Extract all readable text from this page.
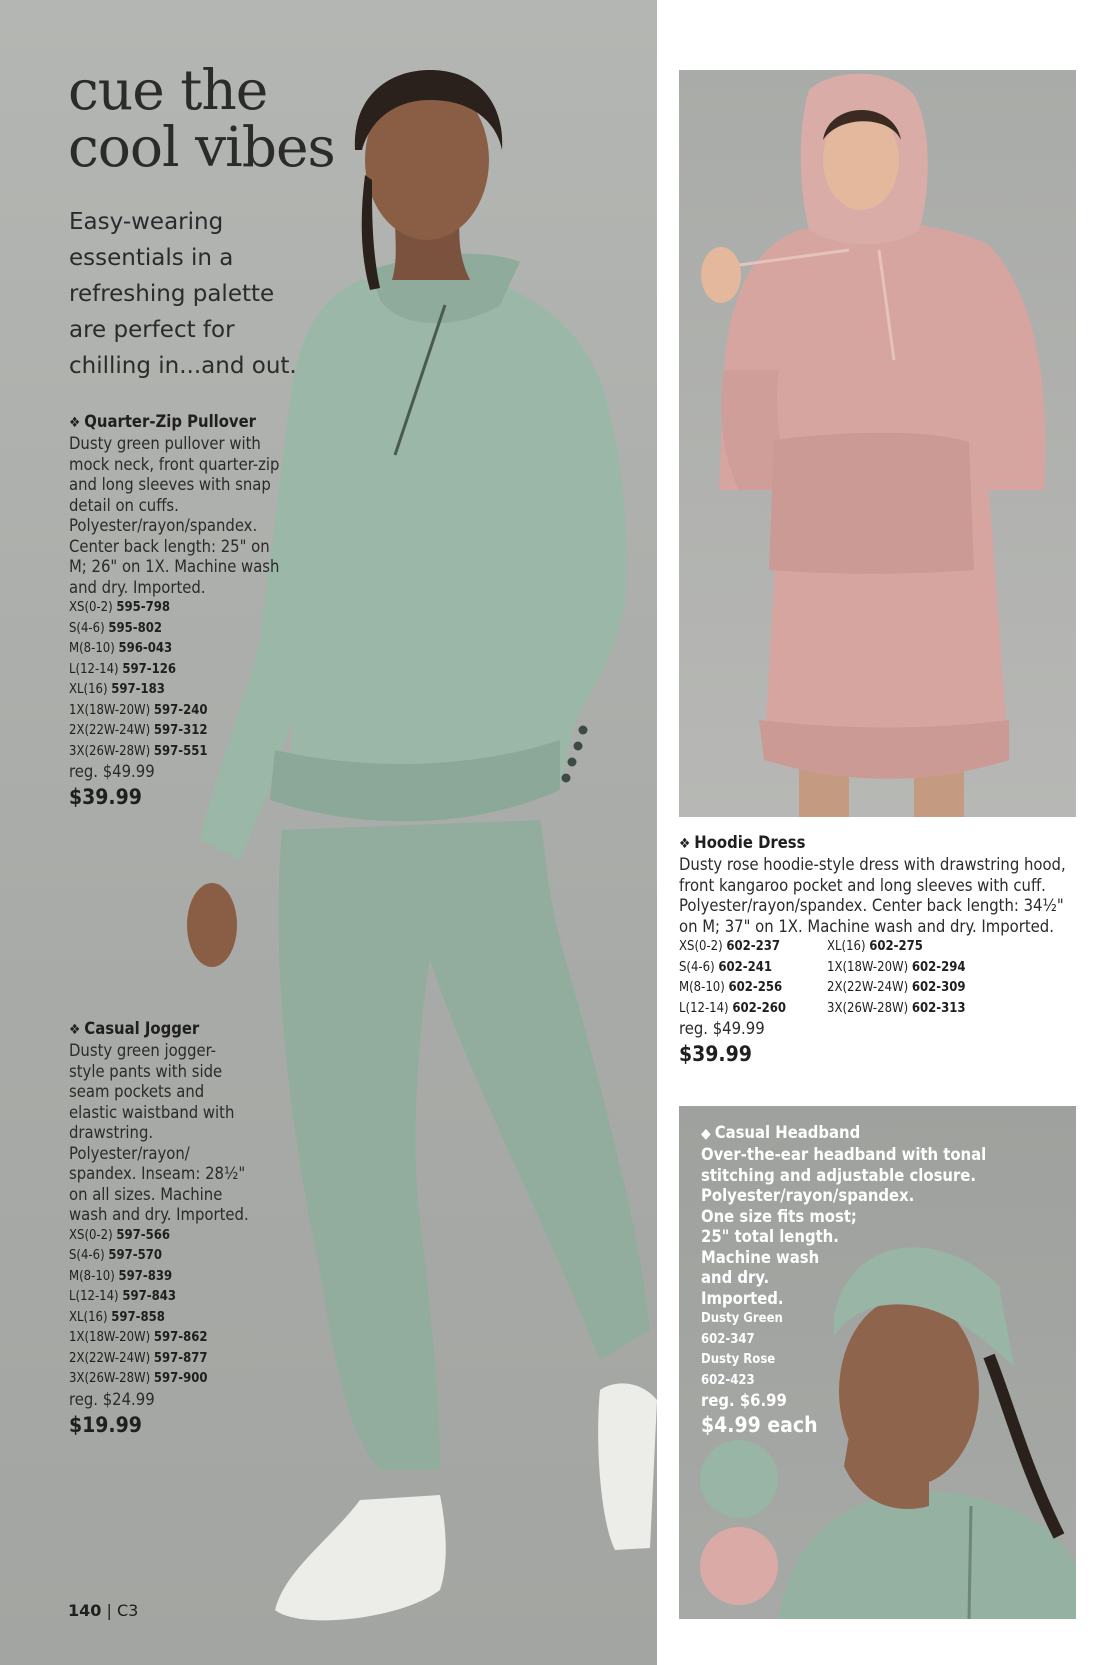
cue the
cool vibes
Easy-wearing essentials in a refreshing palette are perfect for chilling in...and out.
❖ Quarter-Zip Pullover
Dusty green pullover with mock neck, front quarter-zip and long sleeves with snap detail on cuffs. Polyester/rayon/spandex. Center back length: 25" on M; 26" on 1X. Machine wash and dry. Imported.
XS(0-2) 595-798
S(4-6) 595-802
M(8-10) 596-043
L(12-14) 597-126
XL(16) 597-183
1X(18W-20W) 597-240
2X(22W-24W) 597-312
3X(26W-28W) 597-551
reg. $49.99
$39.99
❖ Casual Jogger
Dusty green jogger-style pants with side seam pockets and elastic waistband with drawstring. Polyester/rayon/ spandex. Inseam: 28½" on all sizes. Machine wash and dry. Imported.
XS(0-2) 597-566
S(4-6) 597-570
M(8-10) 597-839
L(12-14) 597-843
XL(16) 597-858
1X(18W-20W) 597-862
2X(22W-24W) 597-877
3X(26W-28W) 597-900
reg. $24.99
$19.99
140 | C3
❖ Hoodie Dress
Dusty rose hoodie-style dress with drawstring hood, front kangaroo pocket and long sleeves with cuff. Polyester/rayon/spandex. Center back length: 34½" on M; 37" on 1X. Machine wash and dry. Imported.
XS(0-2) 602-237	XL(16) 602-275
S(4-6) 602-241	1X(18W-20W) 602-294
M(8-10) 602-256	2X(22W-24W) 602-309
L(12-14) 602-260	3X(26W-28W) 602-313
reg. $49.99
$39.99
◆ Casual Headband
Over-the-ear headband with tonal
stitching and adjustable closure.
Polyester/rayon/spandex.
One size fits most;
25" total length.
Machine wash
and dry.
Imported.
Dusty Green
602-347
Dusty Rose
602-423
reg. $6.99
$4.99 each
